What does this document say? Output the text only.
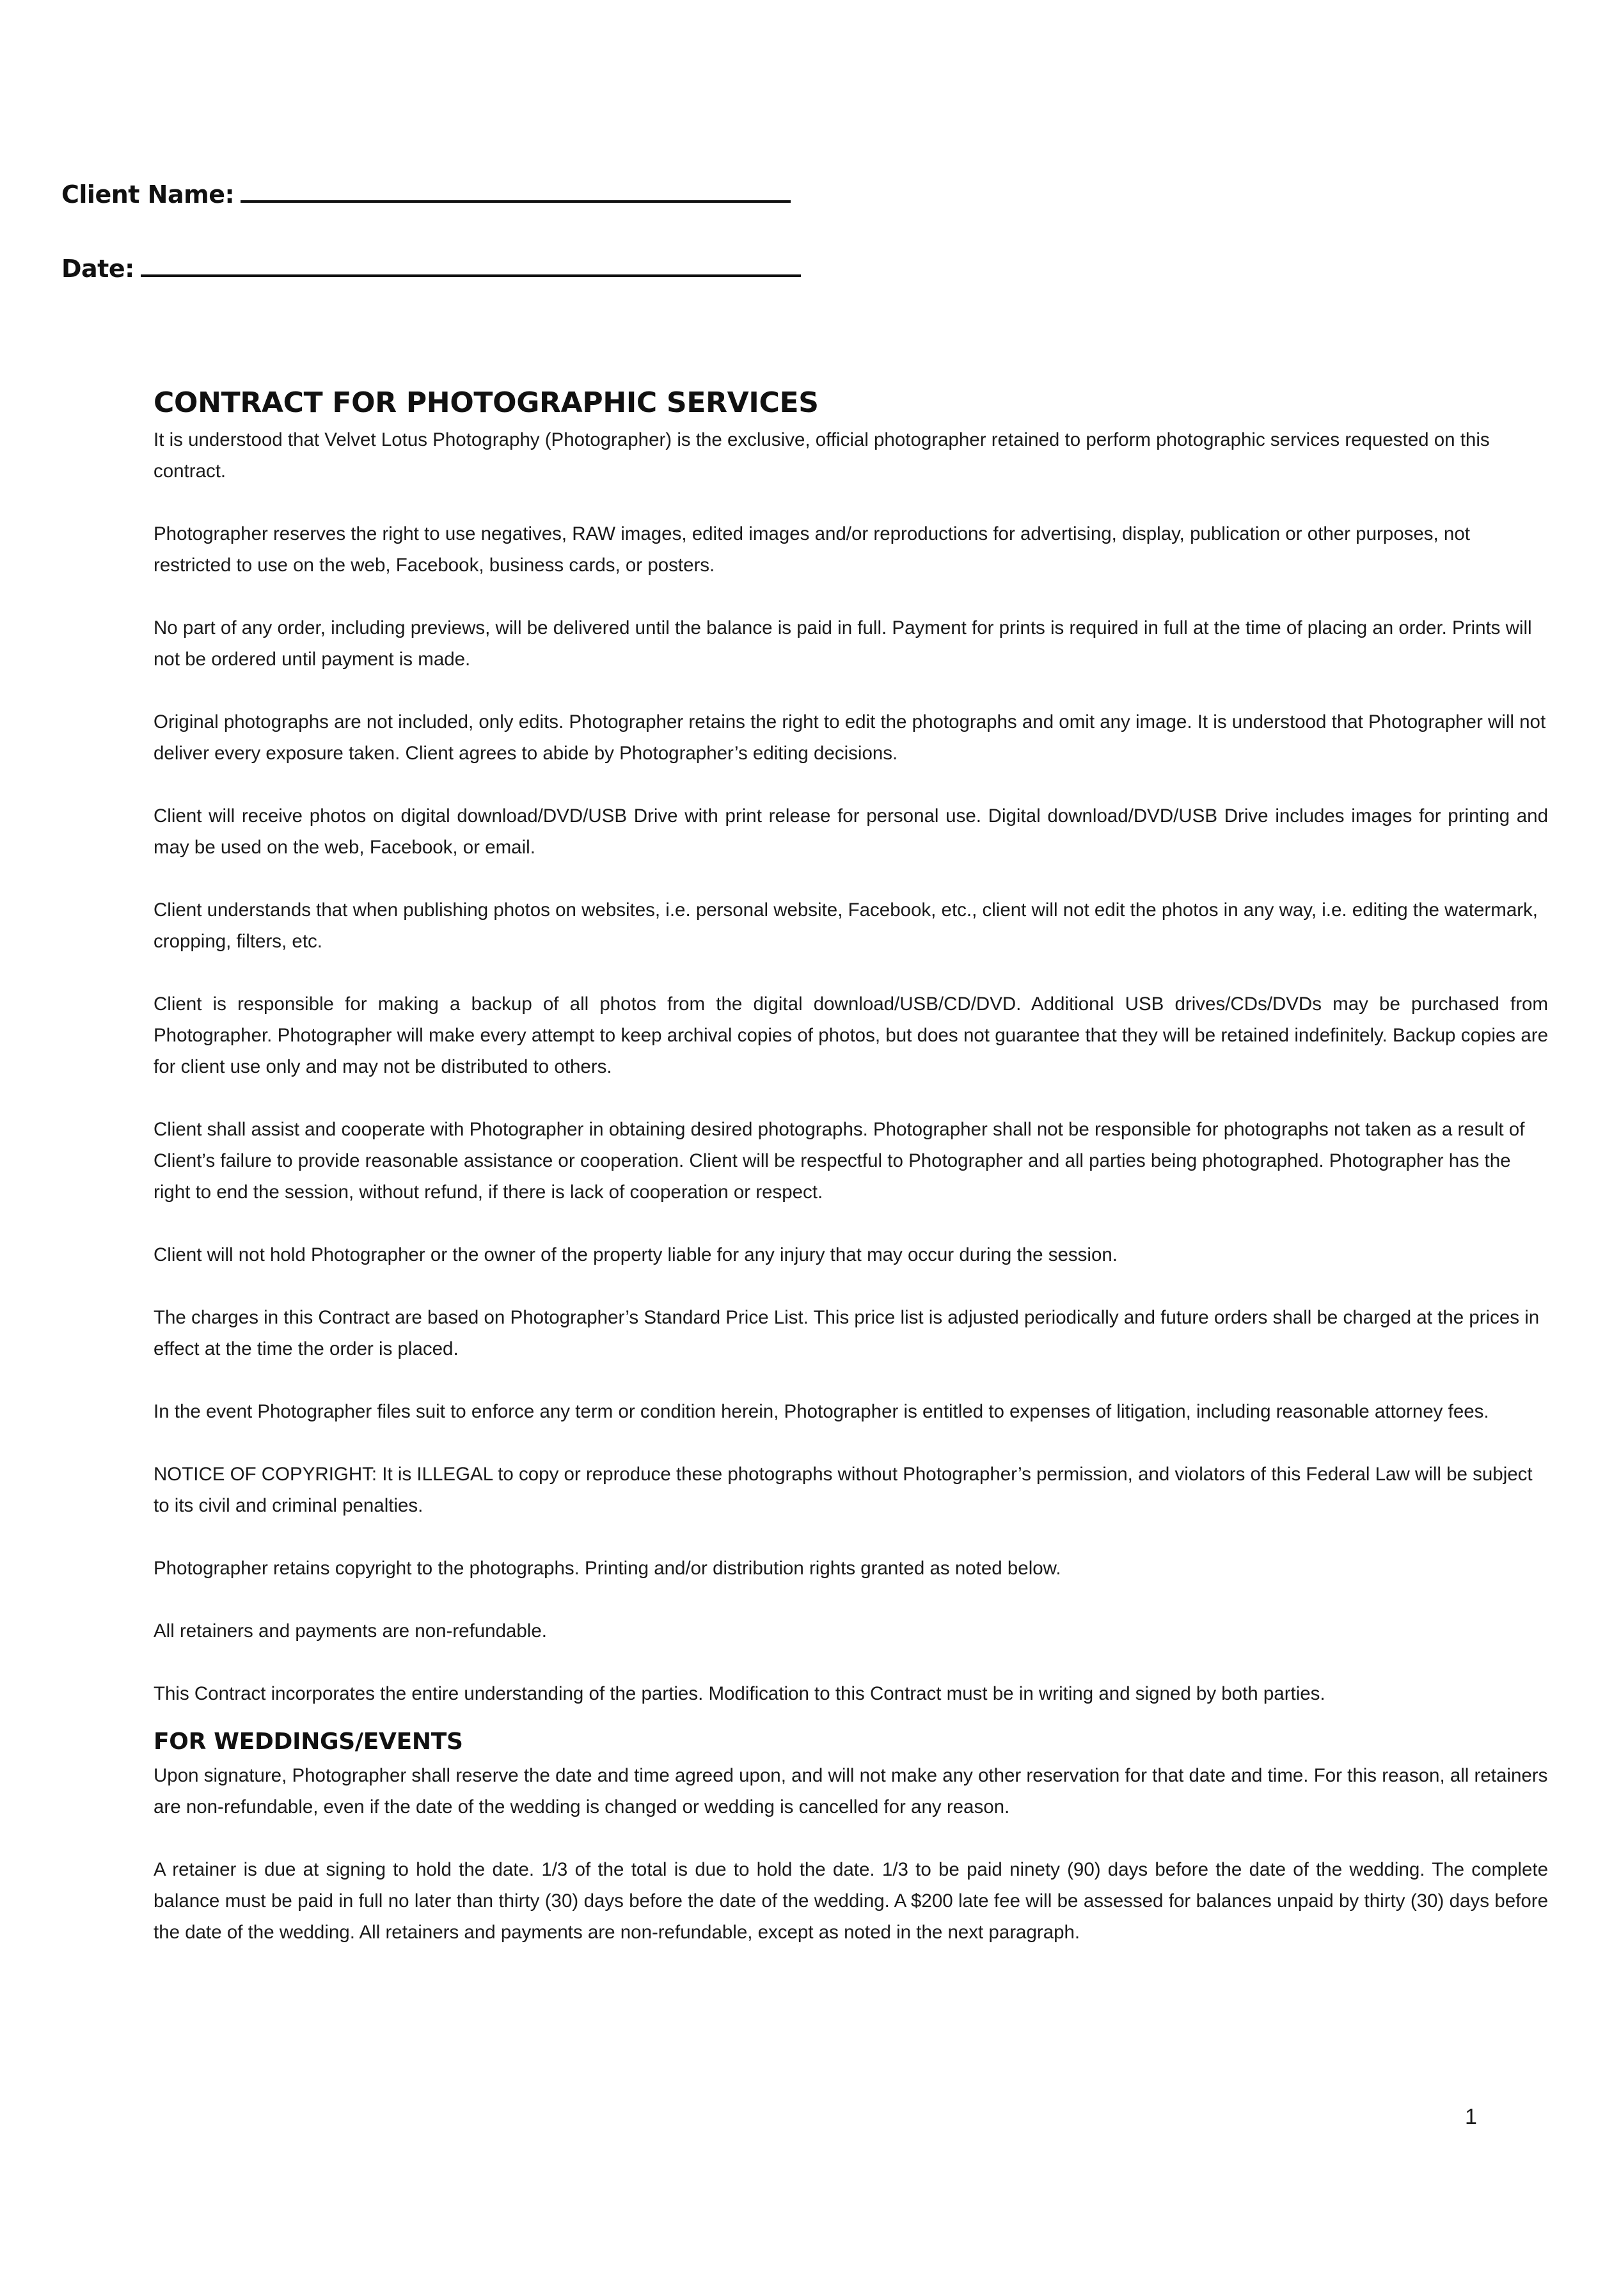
Client Name:
Date:
CONTRACT FOR PHOTOGRAPHIC SERVICES

It is understood that Velvet Lotus Photography (Photographer) is the exclusive, official photographer retained to perform photographic services requested on this contract.

Photographer reserves the right to use negatives, RAW images, edited images and/or reproductions for advertising, display, publication or other purposes, not restricted to use on the web, Facebook, business cards, or posters.

No part of any order, including previews, will be delivered until the balance is paid in full. Payment for prints is required in full at the time of placing an order. Prints will not be ordered until payment is made.

Original photographs are not included, only edits. Photographer retains the right to edit the photographs and omit any image. It is understood that Photographer will not deliver every exposure taken. Client agrees to abide by Photographer’s editing decisions.

Client will receive photos on digital download/DVD/USB Drive with print release for personal use. Digital download/DVD/USB Drive includes images for printing and may be used on the web, Facebook, or email.

Client understands that when publishing photos on websites, i.e. personal website, Facebook, etc., client will not edit the photos in any way, i.e. editing the watermark, cropping, filters, etc.

Client is responsible for making a backup of all photos from the digital download/USB/CD/DVD. Additional USB drives/CDs/DVDs may be purchased from Photographer. Photographer will make every attempt to keep archival copies of photos, but does not guarantee that they will be retained indefinitely. Backup copies are for client use only and may not be distributed to others.

Client shall assist and cooperate with Photographer in obtaining desired photographs. Photographer shall not be responsible for photographs not taken as a result of Client’s failure to provide reasonable assistance or cooperation. Client will be respectful to Photographer and all parties being photographed. Photographer has the right to end the session, without refund, if there is lack of cooperation or respect.

Client will not hold Photographer or the owner of the property liable for any injury that may occur during the session.

The charges in this Contract are based on Photographer’s Standard Price List. This price list is adjusted periodically and future orders shall be charged at the prices in effect at the time the order is placed.

In the event Photographer files suit to enforce any term or condition herein, Photographer is entitled to expenses of litigation, including reasonable attorney fees.

NOTICE OF COPYRIGHT: It is ILLEGAL to copy or reproduce these photographs without Photographer’s permission, and violators of this Federal Law will be subject to its civil and criminal penalties.

Photographer retains copyright to the photographs. Printing and/or distribution rights granted as noted below.

All retainers and payments are non-refundable.

This Contract incorporates the entire understanding of the parties. Modification to this Contract must be in writing and signed by both parties.

FOR WEDDINGS/EVENTS

Upon signature, Photographer shall reserve the date and time agreed upon, and will not make any other reservation for that date and time. For this reason, all retainers are non-refundable, even if the date of the wedding is changed or wedding is cancelled for any reason.

A retainer is due at signing to hold the date. 1/3 of the total is due to hold the date. 1/3 to be paid ninety (90) days before the date of the wedding. The complete balance must be paid in full no later than thirty (30) days before the date of the wedding. A $200 late fee will be assessed for balances unpaid by thirty (30) days before the date of the wedding. All retainers and payments are non-refundable, except as noted in the next paragraph.

1
